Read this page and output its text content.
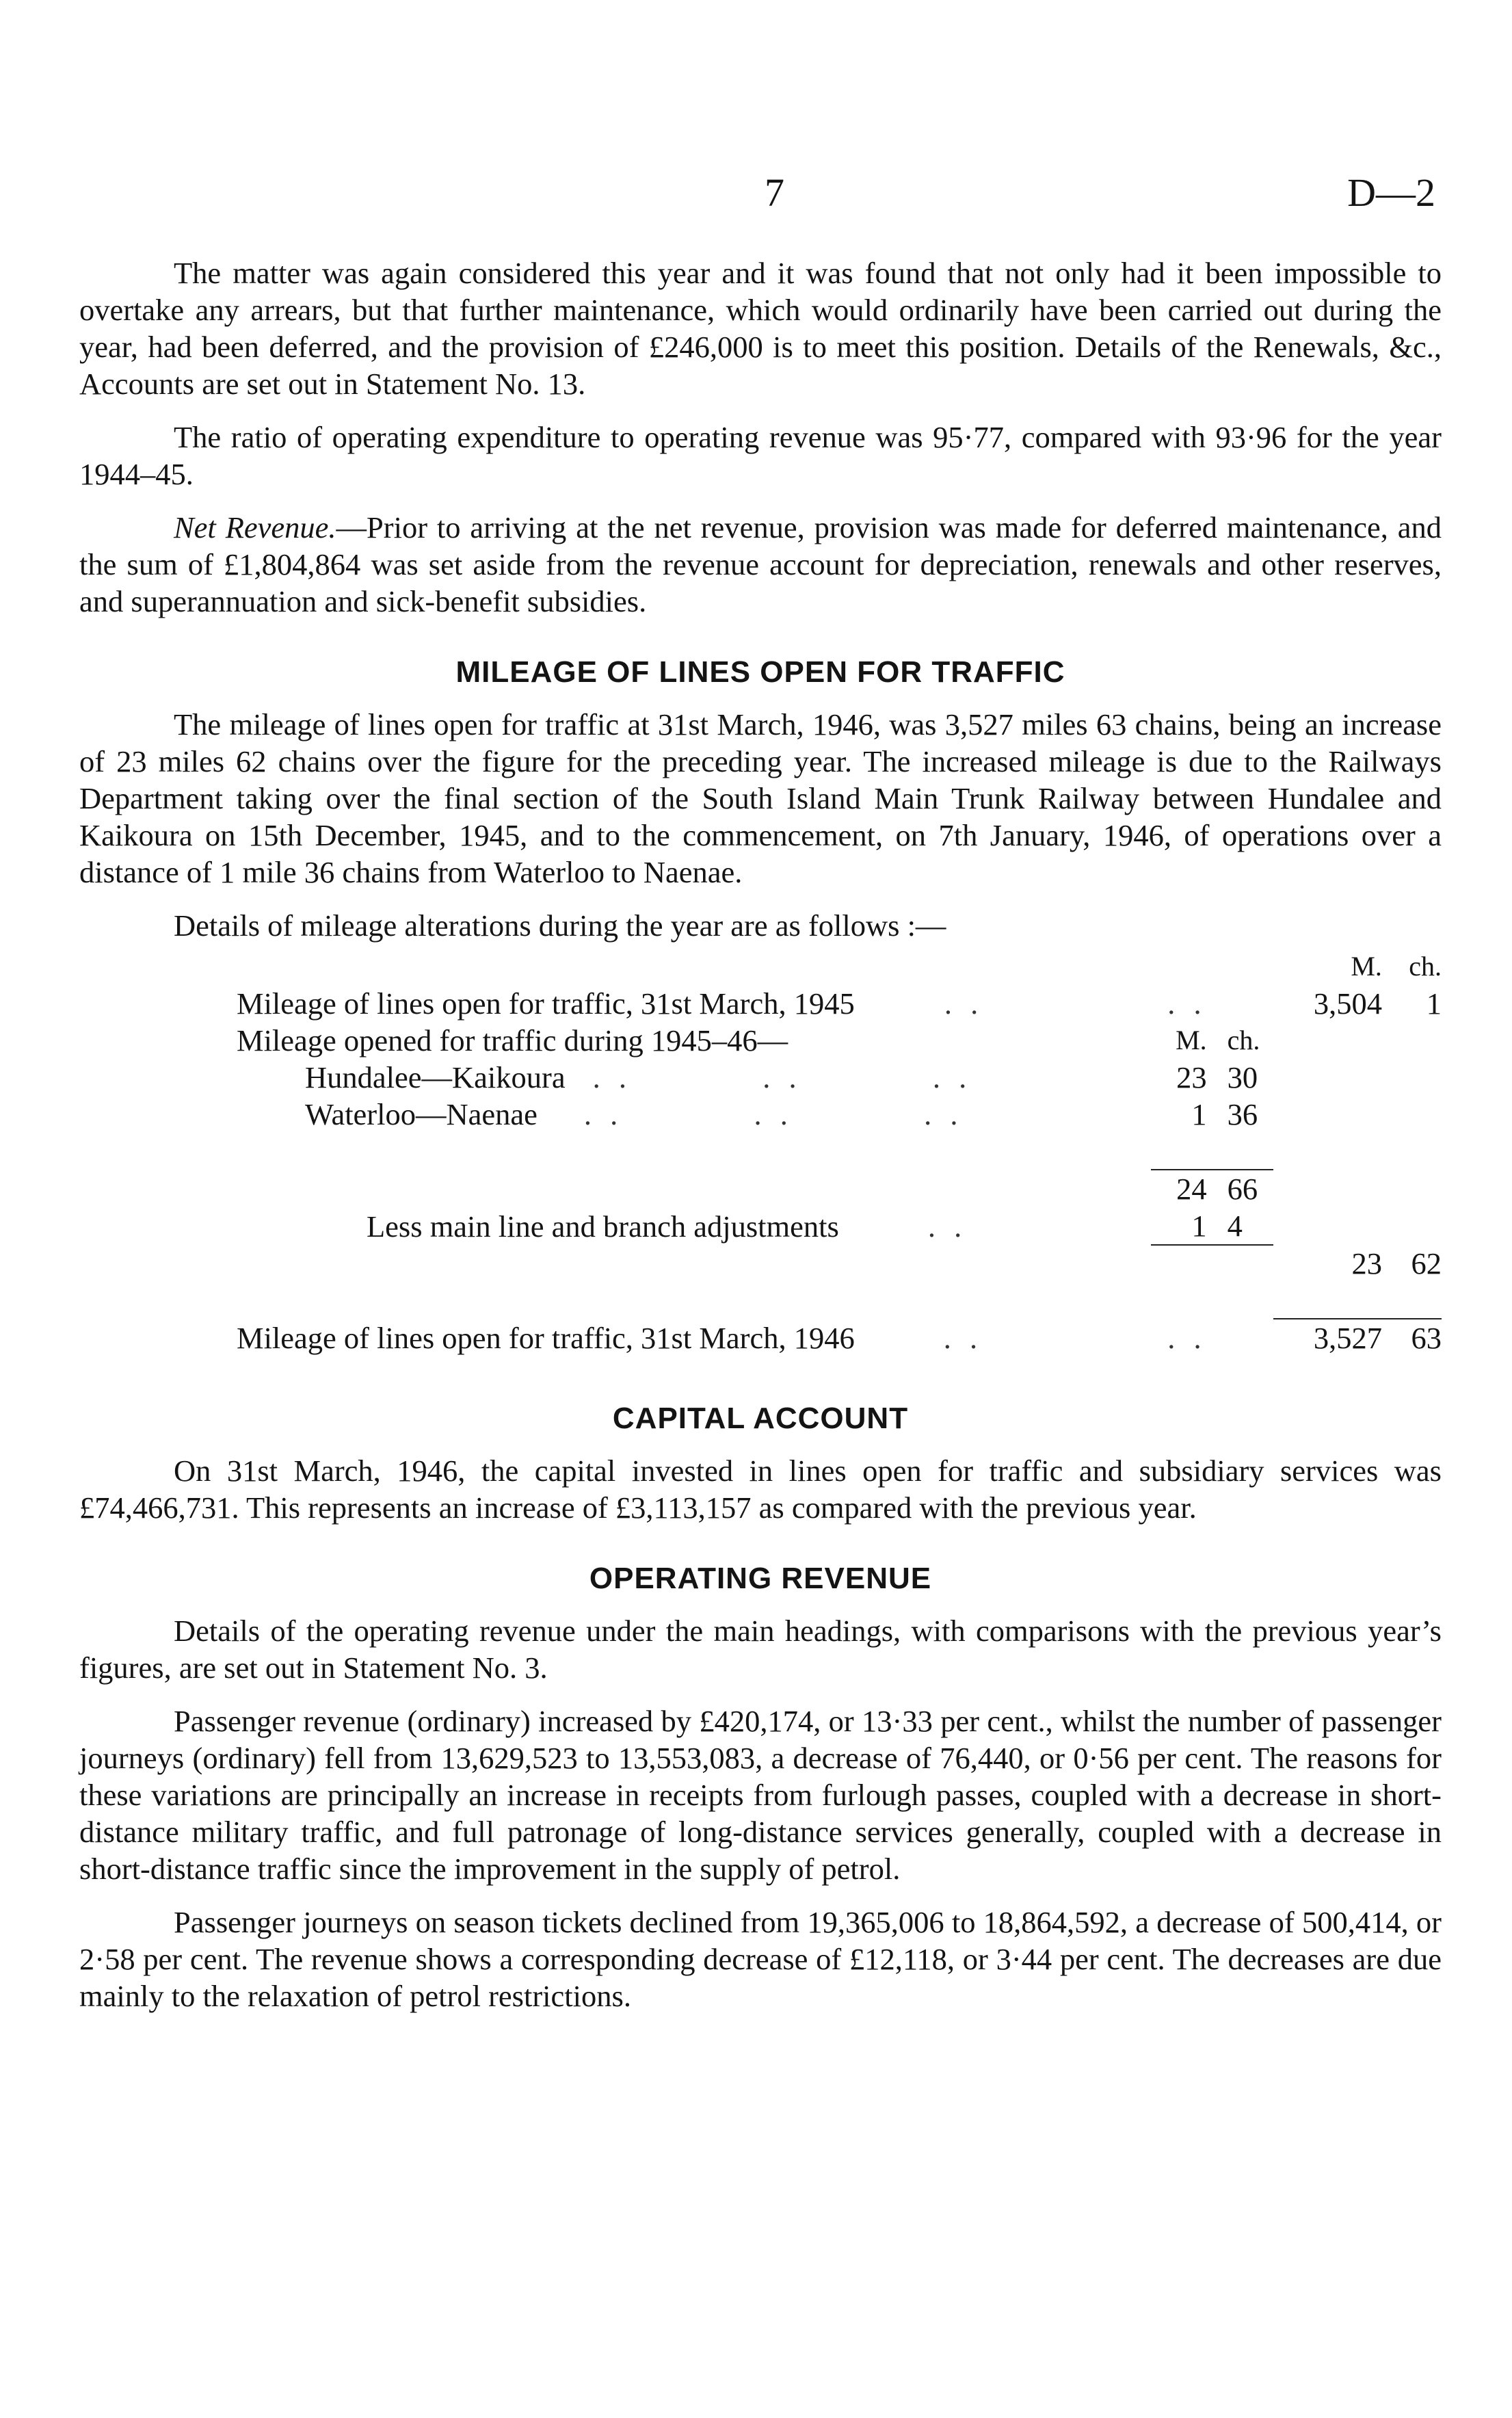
7	D—2

The matter was again considered this year and it was found that not only had it been impossible to overtake any arrears, but that further maintenance, which would ordinarily have been carried out during the year, had been deferred, and the provision of £246,000 is to meet this position. Details of the Renewals, &c., Accounts are set out in Statement No. 13.

The ratio of operating expenditure to operating revenue was 95·77, compared with 93·96 for the year 1944–45.

Net Revenue.—Prior to arriving at the net revenue, provision was made for deferred maintenance, and the sum of £1,804,864 was set aside from the revenue account for depreciation, renewals and other reserves, and superannuation and sick-benefit subsidies.

MILEAGE OF LINES OPEN FOR TRAFFIC

The mileage of lines open for traffic at 31st March, 1946, was 3,527 miles 63 chains, being an increase of 23 miles 62 chains over the figure for the preceding year. The increased mileage is due to the Railways Department taking over the final section of the South Island Main Trunk Railway between Hundalee and Kaikoura on 15th December, 1945, and to the commencement, on 7th January, 1946, of operations over a distance of 1 mile 36 chains from Waterloo to Naenae.

Details of mileage alterations during the year are as follows :—

			M.	ch.
Mileage of lines open for traffic, 31st March, 1945 . .	. .		3,504	1
Mileage opened for traffic during 1945–46—	M.	ch.		
Hundalee—Kaikoura . .          . .          . .	23	30		
Waterloo—Naenae . .          . .          . .	1	36		

	24	66		
Less main line and branch adjustments . .	1	4		
			23	62

Mileage of lines open for traffic, 31st March, 1946 . .	. .		3,527	63
CAPITAL ACCOUNT

On 31st March, 1946, the capital invested in lines open for traffic and subsidiary services was £74,466,731. This represents an increase of £3,113,157 as compared with the previous year.

OPERATING REVENUE

Details of the operating revenue under the main headings, with comparisons with the previous year’s figures, are set out in Statement No. 3.

Passenger revenue (ordinary) increased by £420,174, or 13·33 per cent., whilst the number of passenger journeys (ordinary) fell from 13,629,523 to 13,553,083, a decrease of 76,440, or 0·56 per cent. The reasons for these variations are principally an increase in receipts from furlough passes, coupled with a decrease in short-distance military traffic, and full patronage of long-distance services generally, coupled with a decrease in short-distance traffic since the improvement in the supply of petrol.

Passenger journeys on season tickets declined from 19,365,006 to 18,864,592, a decrease of 500,414, or 2·58 per cent. The revenue shows a corresponding decrease of £12,118, or 3·44 per cent. The decreases are due mainly to the relaxation of petrol restrictions.
